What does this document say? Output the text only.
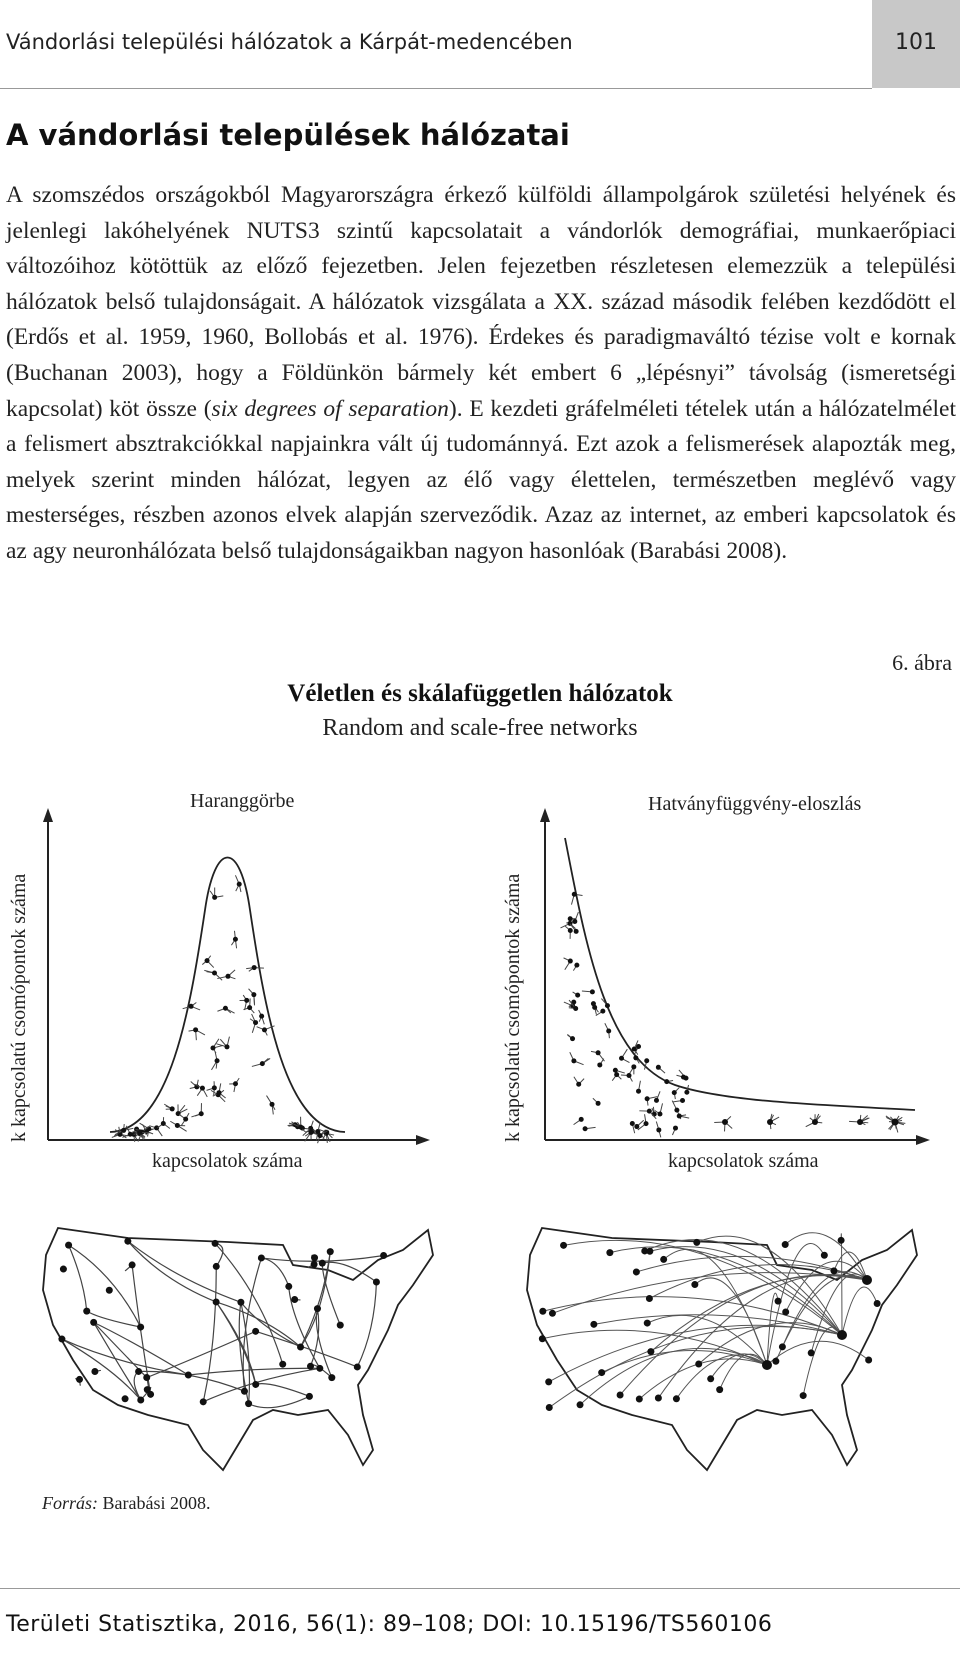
Vándorlási települési hálózatok a Kárpát-medencében	101
A vándorlási települések hálózatai
A szomszédos országokból Magyarországra érkező külföldi állampolgárok születési helyének és jelenlegi lakóhelyének NUTS3 szintű kapcsolatait a vándorlók demográfiai, munkaerőpiaci változóihoz kötöttük az előző fejezetben. Jelen fejezetben részletesen elemezzük a települési hálózatok belső tulajdonságait. A hálózatok vizsgálata a XX. század második felében kezdődött el (Erdős et al. 1959, 1960, Bollobás et al. 1976). Érdekes és paradigmaváltó tézise volt e kornak (Buchanan 2003), hogy a Földünkön bármely két embert 6 „lépésnyi” távolság (ismeretségi kapcsolat) köt össze (six degrees of separation). E kezdeti gráfelméleti tételek után a hálózatelmélet a felismert absztrakciókkal napjainkra vált új tudománnyá. Ezt azok a felismerések alapozták meg, melyek szerint minden hálózat, legyen az élő vagy élettelen, természetben meglévő vagy mesterséges, részben azonos elvek alapján szerveződik. Azaz az internet, az emberi kapcsolatok és az agy neuronhálózata belső tulajdonságaikban nagyon hasonlóak (Barabási 2008).
6. ábra
Véletlen és skálafüggetlen hálózatok
Random and scale-free networks
Haranggörbe
k kapcsolatú csomópontok száma
kapcsolatok száma
Hatványfüggvény-eloszlás
k kapcsolatú csomópontok száma
kapcsolatok száma
Forrás: Barabási 2008.
Területi Statisztika, 2016, 56(1): 89–108; DOI: 10.15196/TS560106
